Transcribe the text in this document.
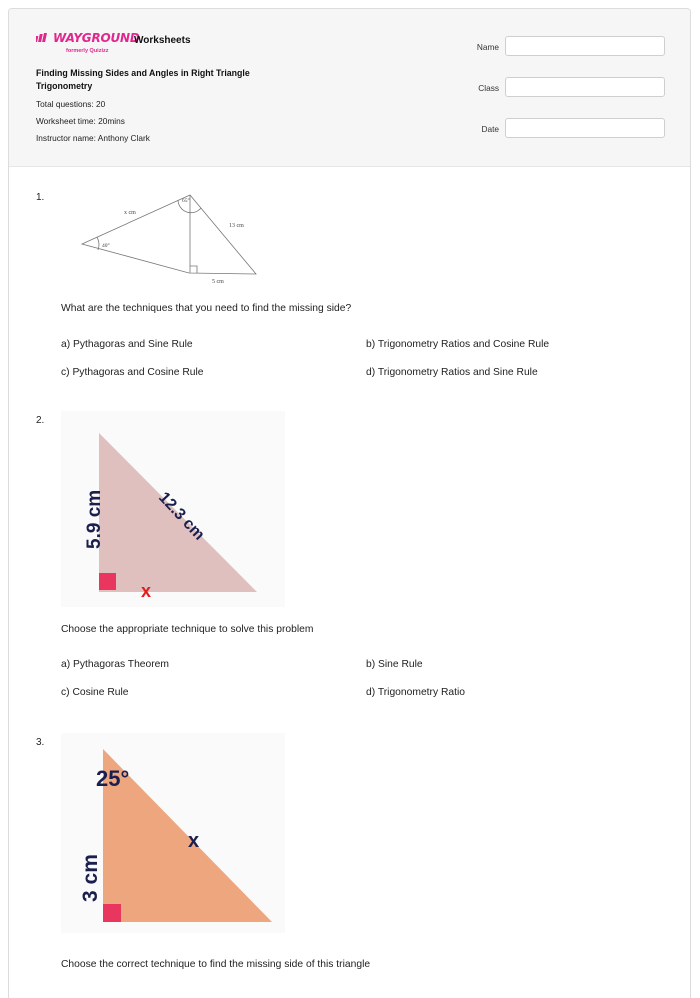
WAYGROUND
formerly Quizizz
Worksheets
Finding Missing Sides and Angles in Right Triangle Trigonometry
Total questions: 20
Worksheet time: 20mins
Instructor name: Anthony Clark
Name
Class
Date
1.
x cm
65°
13 cm
40°
5 cm
What are the techniques that you need to find the missing side?
a) Pythagoras and Sine Rule	b) Trigonometry Ratios and Cosine Rule
c) Pythagoras and Cosine Rule	d) Trigonometry Ratios and Sine Rule
2.
5.9 cm	12.3 cm
x
Choose the appropriate technique to solve this problem
a) Pythagoras Theorem	b) Sine Rule
c) Cosine Rule	d) Trigonometry Ratio
3.
25°
x
3 cm
Choose the correct technique to find the missing side of this triangle
